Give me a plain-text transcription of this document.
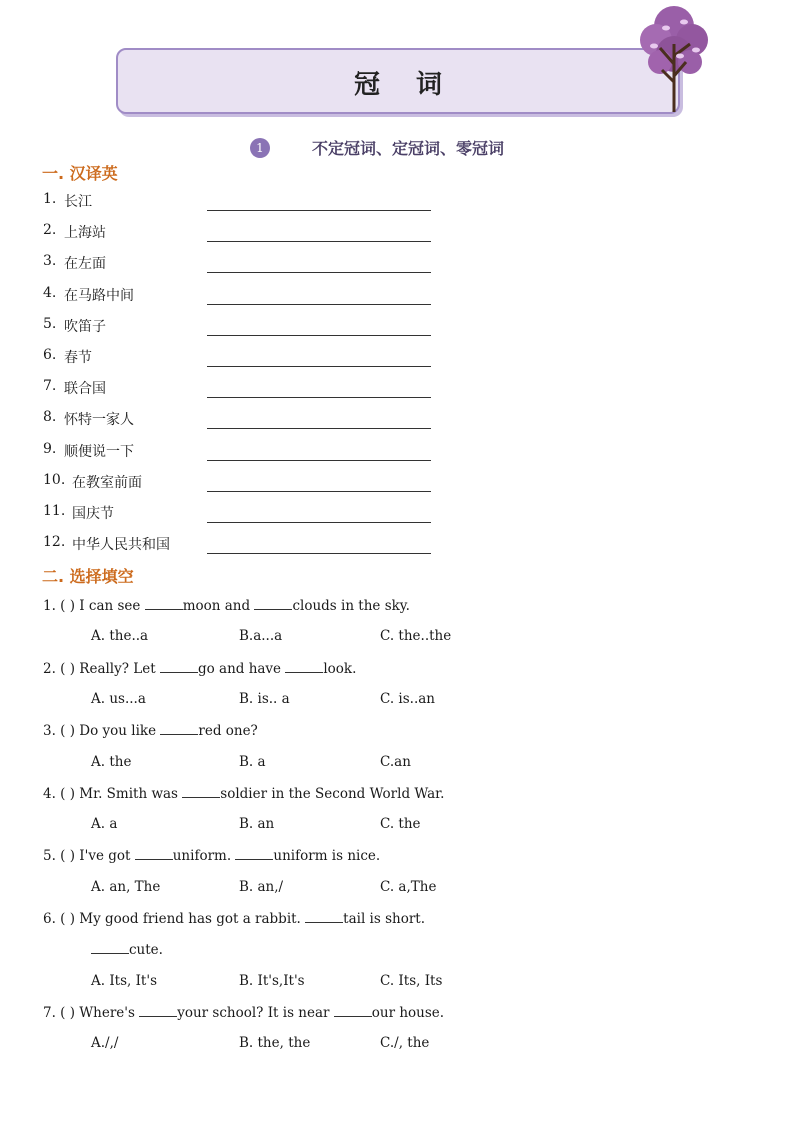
冠词
1	不定冠词、定冠词、零冠词
一. 汉译英
1. 长江
2. 上海站
3. 在左面
4. 在马路中间
5. 吹笛子
6. 春节
7. 联合国
8. 怀特一家人
9. 顺便说一下
10. 在教室前面
11. 国庆节
12. 中华人民共和国
二. 选择填空
1. ( ) I can see	moon and	clouds in the sky.
A. the..a	B.a...a	C. the..the
2. ( ) Really? Let	go and have	look.
A. us...a	B. is.. a	C. is..an
3. ( ) Do you like	red one?
A. the	B. a	C.an
4. ( ) Mr. Smith was	soldier in the Second World War.
A. a	B. an	C. the
5. ( ) I've got	uniform.	uniform is nice.
A. an, The	B. an,/	C. a,The
6. ( ) My good friend has got a rabbit.	tail is short.
cute.
A. Its, It's	B. It's,It's	C. Its, Its
7. ( ) Where's	your school? It is near	our house.
A./,/	B. the, the	C./, the
